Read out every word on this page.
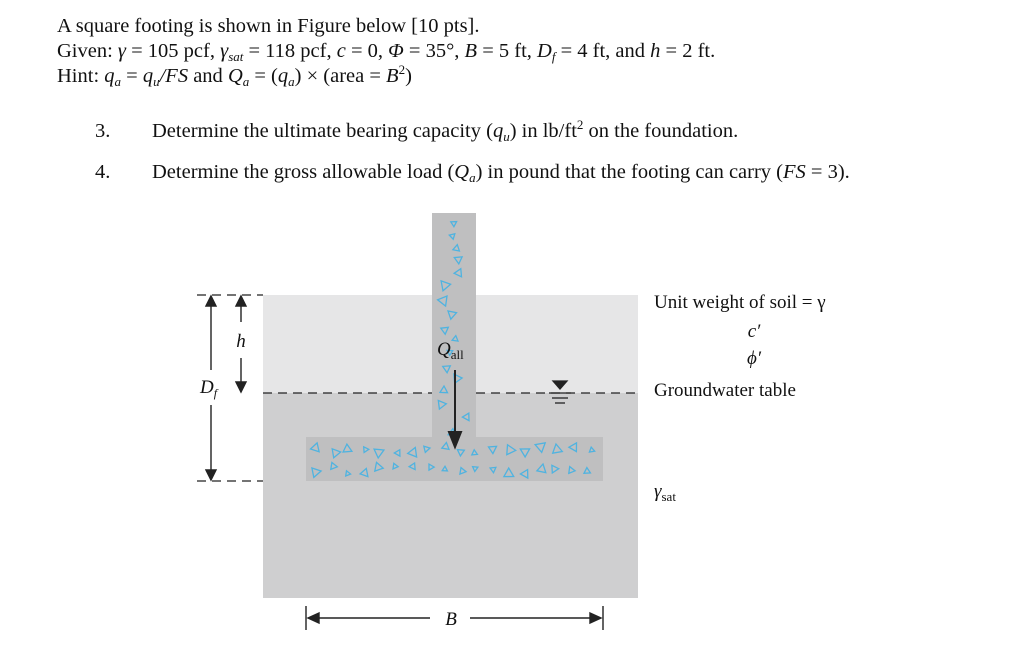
A square footing is shown in Figure below [10 pts].
Given: γ = 105 pcf, $\gamma_{sat} = 118$ pcf, c = 0, Φ = 35°, B = 5 ft, $D_f = 4$ ft, and h = 2 ft.
Hint: $q_a = q_u/FS$ and $Q_a = (q_a)$ × (area = $B^2$)
3. Determine the ultimate bearing capacity $(q_u)$ in $lb/ft^2$ on the foundation.
4. Determine the gross allowable load $(Q_a)$ in pound that the footing can carry (FS = 3).
h
$D_f$
$Q_{all}$
B
Unit weight of soil = γ
c′
ϕ′
Groundwater table
$\gamma_{sat}$
